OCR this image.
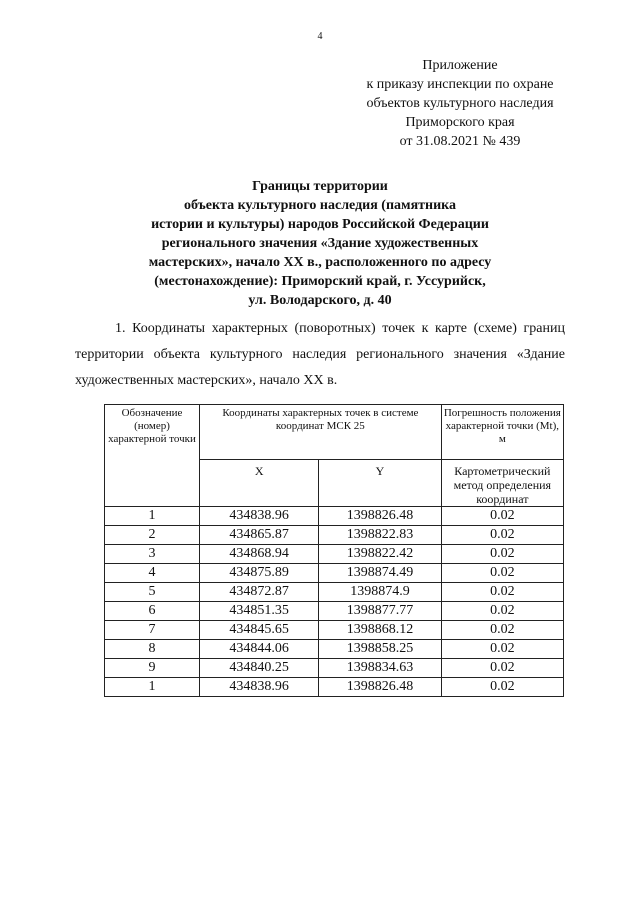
4
Приложение
к приказу инспекции по охране
объектов культурного наследия
Приморского края
от 31.08.2021 № 439
Границы территории
объекта культурного наследия (памятника
истории и культуры) народов Российской Федерации
регионального значения «Здание художественных
мастерских», начало XX в., расположенного по адресу
(местонахождение): Приморский край, г. Уссурийск,
ул. Володарского, д. 40
1. Координаты характерных (поворотных) точек к карте (схеме) границ территории объекта культурного наследия регионального значения «Здание художественных мастерских», начало XX в.
Обозначение (номер) характерной точки	Координаты характерных точек в системе координат МСК 25		Погрешность положения характерной точки (Mt), м
	X	Y	Картометрический метод определения координат
1	434838.96	1398826.48	0.02
2	434865.87	1398822.83	0.02
3	434868.94	1398822.42	0.02
4	434875.89	1398874.49	0.02
5	434872.87	1398874.9	0.02
6	434851.35	1398877.77	0.02
7	434845.65	1398868.12	0.02
8	434844.06	1398858.25	0.02
9	434840.25	1398834.63	0.02
1	434838.96	1398826.48	0.02
